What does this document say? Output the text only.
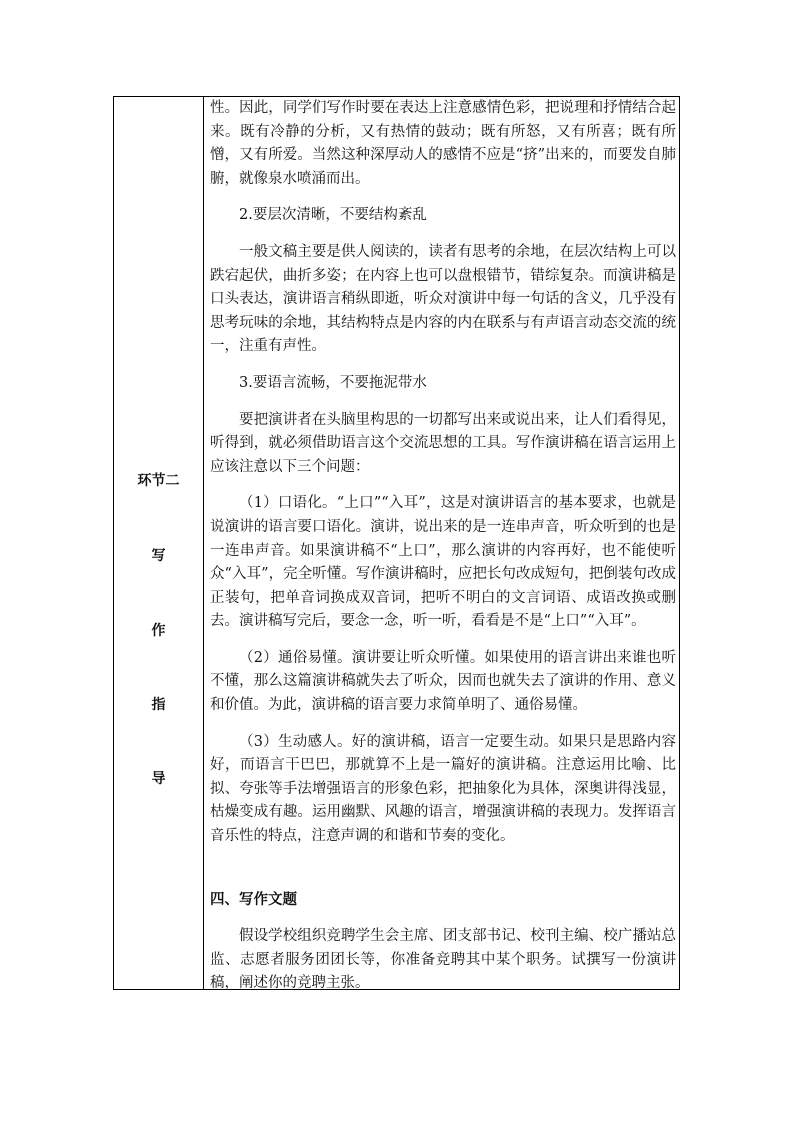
环节二
写
作
指
导

性。因此，同学们写作时要在表达上注意感情色彩，把说理和抒情结合起来。既有冷静的分析，又有热情的鼓动；既有所怒，又有所喜；既有所憎，又有所爱。当然这种深厚动人的感情不应是“挤”出来的，而要发自肺腑，就像泉水喷涌而出。

2.要层次清晰，不要结构紊乱

一般文稿主要是供人阅读的，读者有思考的余地，在层次结构上可以跌宕起伏，曲折多姿；在内容上也可以盘根错节，错综复杂。而演讲稿是口头表达，演讲语言稍纵即逝，听众对演讲中每一句话的含义，几乎没有思考玩味的余地，其结构特点是内容的内在联系与有声语言动态交流的统一，注重有声性。

3.要语言流畅，不要拖泥带水

要把演讲者在头脑里构思的一切都写出来或说出来，让人们看得见，听得到，就必须借助语言这个交流思想的工具。写作演讲稿在语言运用上应该注意以下三个问题：

（1）口语化。“上口”“入耳”，这是对演讲语言的基本要求，也就是说演讲的语言要口语化。演讲，说出来的是一连串声音，听众听到的也是一连串声音。如果演讲稿不“上口”，那么演讲的内容再好，也不能使听众“入耳”，完全听懂。写作演讲稿时，应把长句改成短句，把倒装句改成正装句，把单音词换成双音词，把听不明白的文言词语、成语改换或删去。演讲稿写完后，要念一念，听一听，看看是不是“上口”“入耳”。

（2）通俗易懂。演讲要让听众听懂。如果使用的语言讲出来谁也听不懂，那么这篇演讲稿就失去了听众，因而也就失去了演讲的作用、意义和价值。为此，演讲稿的语言要力求简单明了、通俗易懂。

（3）生动感人。好的演讲稿，语言一定要生动。如果只是思路内容好，而语言干巴巴，那就算不上是一篇好的演讲稿。注意运用比喻、比拟、夸张等手法增强语言的形象色彩，把抽象化为具体，深奥讲得浅显，枯燥变成有趣。运用幽默、风趣的语言，增强演讲稿的表现力。发挥语言音乐性的特点，注意声调的和谐和节奏的变化。

四、写作文题

假设学校组织竞聘学生会主席、团支部书记、校刊主编、校广播站总监、志愿者服务团团长等，你准备竞聘其中某个职务。试撰写一份演讲稿，阐述你的竞聘主张。
